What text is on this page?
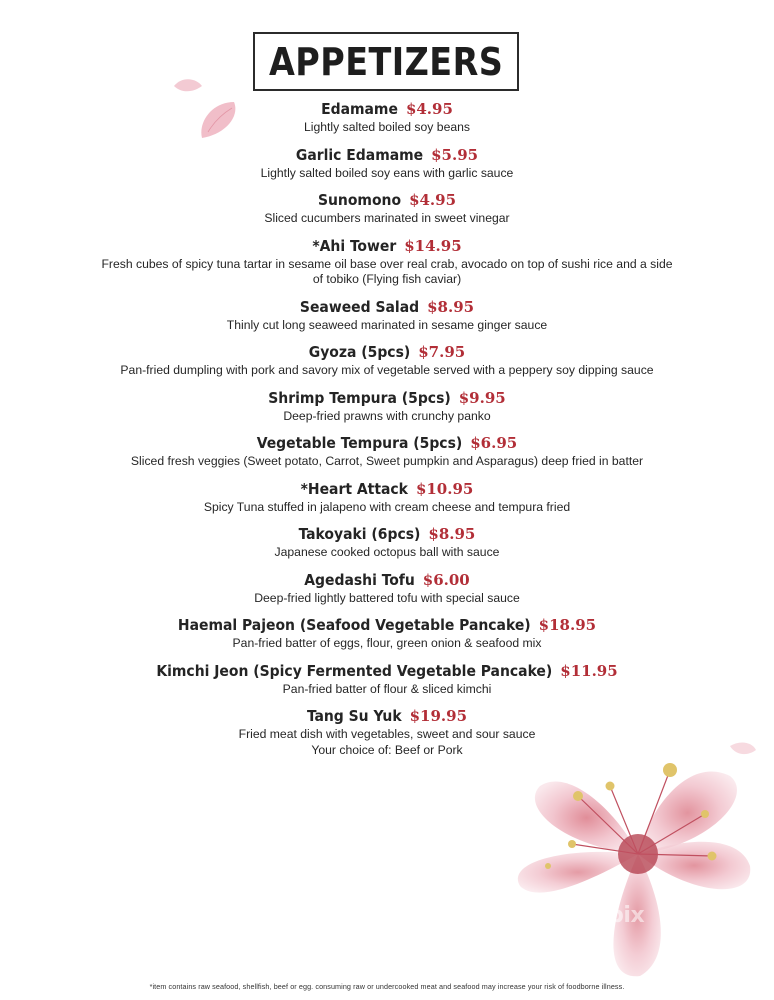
APPETIZERS
Edamame $4.95
Lightly salted boiled soy beans
Garlic Edamame $5.95
Lightly salted boiled soy eans with garlic sauce
Sunomono $4.95
Sliced cucumbers marinated in sweet vinegar
*Ahi Tower $14.95
Fresh cubes of spicy tuna tartar in sesame oil base over real crab, avocado on top of sushi rice and a side
of tobiko (Flying fish caviar)
Seaweed Salad $8.95
Thinly cut long seaweed marinated in sesame ginger sauce
Gyoza (5pcs) $7.95
Pan-fried dumpling with pork and savory mix of vegetable served with a peppery soy dipping sauce
Shrimp Tempura (5pcs) $9.95
Deep-fried prawns with crunchy panko
Vegetable Tempura (5pcs) $6.95
Sliced fresh veggies (Sweet potato, Carrot, Sweet pumpkin and Asparagus) deep fried in batter
*Heart Attack $10.95
Spicy Tuna stuffed in jalapeno with cream cheese and tempura fried
Takoyaki (6pcs) $8.95
Japanese cooked octopus ball with sauce
Agedashi Tofu $6.00
Deep-fried lightly battered tofu with special sauce
Haemal Pajeon (Seafood Vegetable Pancake) $18.95
Pan-fried batter of eggs, flour, green onion & seafood mix
Kimchi Jeon (Spicy Fermented Vegetable Pancake) $11.95
Pan-fried batter of flour & sliced kimchi
Tang Su Yuk $19.95
Fried meat dish with vegetables, sweet and sour sauce
Your choice of: Beef or Pork
menupix
*item contains raw seafood, shellfish, beef or egg. consuming raw or undercooked meat and seafood may increase your risk of foodborne illness.
